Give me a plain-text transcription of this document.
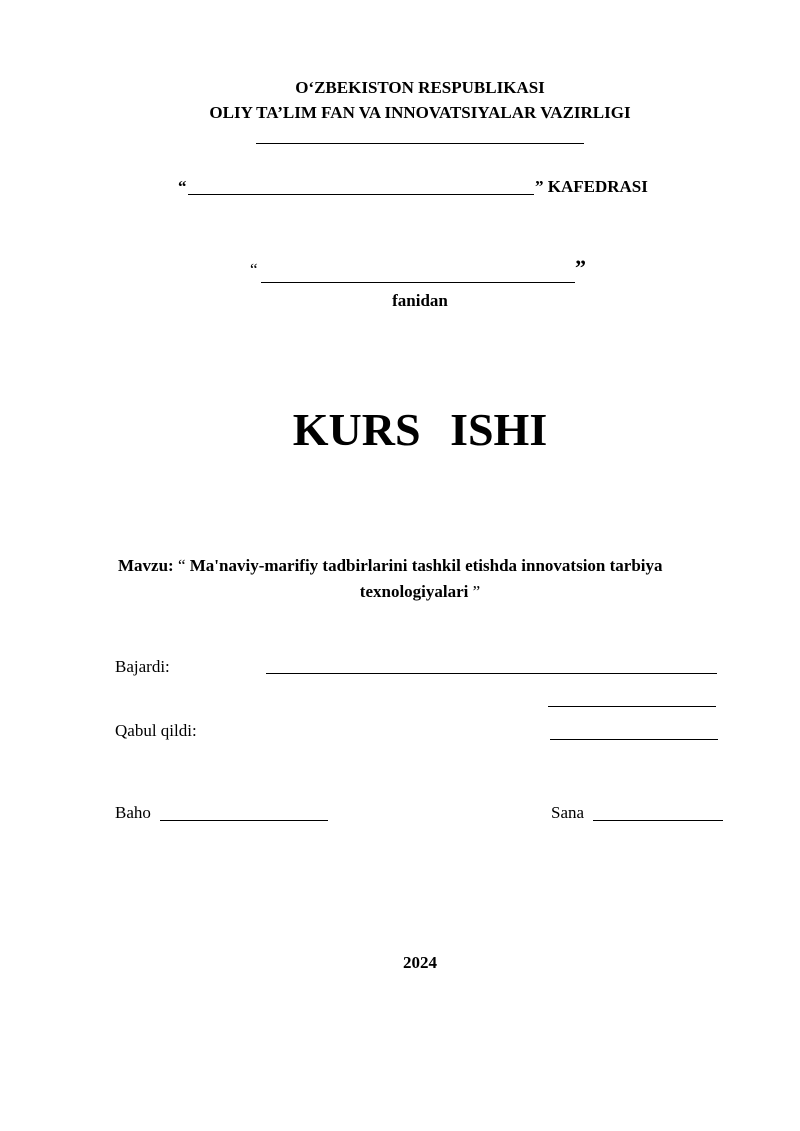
O‘ZBEKISTON RESPUBLIKASI
OLIY TA’LIM FAN VA INNOVATSIYALAR VAZIRLIGI
“	” KAFEDRASI
“	”
fanidan
KURS ISHI
Mavzu: “ Ma'naviy-marifiy tadbirlarini tashkil etishda innovatsion tarbiya
texnologiyalari ”
Bajardi:
Qabul qildi:
Baho	Sana
2024
